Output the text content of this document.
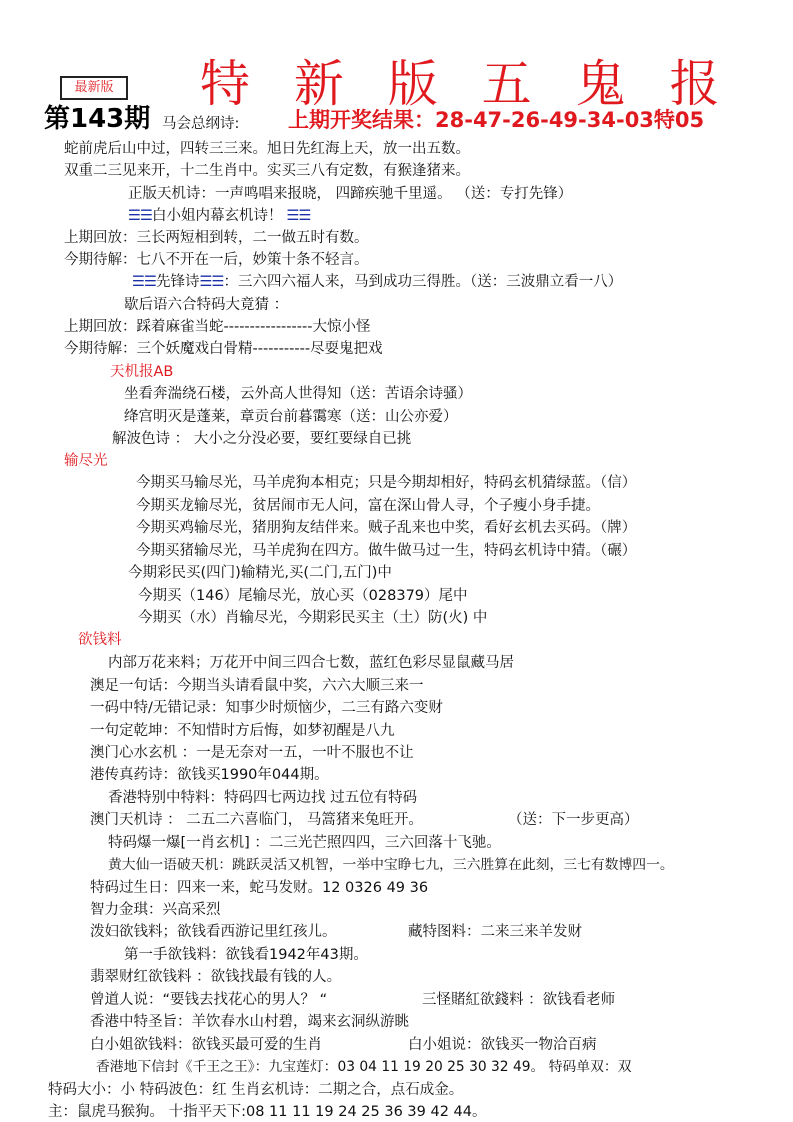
特 新 版 五 鬼 报
最新版
第143期	上期开奖结果：28-47-26-49-34-03特05
马会总纲诗:
蛇前虎后山中过，四转三三来。旭日先红海上天，放一出五数。
双重二三见来开，十二生肖中。实买三八有定数，有猴逢猪来。
正版天机诗：一声鸣唱来报晓， 四蹄疾驰千里遥。 （送：专打先锋）
☰☰白小姐内幕玄机诗！ ☰☰
上期回放：三长两短相到转，二一做五时有数。
今期待解：七八不开在一后，妙策十条不轻言。
☰☰先锋诗☰☰：三六四六福人来，马到成功三得胜。（送：三波鼎立看一八）
歇后语六合特码大竟猜 ：
上期回放：踩着麻雀当蛇-----------------大惊小怪
今期待解：三个妖魔戏白骨精-----------尽耍鬼把戏
天机报AB
坐看奔湍绕石楼，云外高人世得知（送：苦语余诗骚）
绛宫明灭是蓬莱，章贡台前暮霭寒（送：山公亦爱）
解波色诗 ： 大小之分没必要，要红要绿自已挑
输尽光
今期买马输尽光，马羊虎狗本相克；只是今期却相好，特码玄机猜绿蓝。（信）
今期买龙输尽光，贫居闹市无人问，富在深山骨人寻，个子瘦小身手捷。
今期买鸡输尽光，猪朋狗友结伴来。贼子乱来也中奖，看好玄机去买码。（牌）
今期买猪输尽光，马羊虎狗在四方。做牛做马过一生，特码玄机诗中猜。（碾）
今期彩民买(四门)输精光,买(二门,五门)中
今期买（146）尾输尽光，放心买（028379）尾中
今期买（水）肖输尽光，今期彩民买主（土）防(火) 中
欲钱料
内部万花来料；万花开中间三四合七数，蓝红色彩尽显鼠藏马居
澳足一句话：今期当头请看鼠中奖，六六大顺三来一
一码中特/无错记录：知事少时烦恼少，二三有路六变财
一句定乾坤：不知惜时方后悔，如梦初醒是八九
澳门心水玄机 ：一是无奈对一五，一叶不服也不让
港传真药诗：欲钱买1990年044期。
香港特别中特料：特码四七两边找 过五位有特码
澳门天机诗 ： 二五二六喜临门， 马篙猪来兔旺开。	（送：下一步更高）
特码爆一爆[一肖玄机] ：二三光芒照四四，三六回落十飞驰。
黄大仙一语破天机：跳跃灵活又机智，一举中宝睁七九，三六胜算在此刻，三七有数博四一。
特码过生日：四来一来，蛇马发财。12 0326 49 36
智力金琪：兴高采烈
泼妇欲钱料；欲钱看西游记里红孩儿。	藏特图料：二来三来羊发财
第一手欲钱料：欲钱看1942年43期。
翡翠财红欲钱料 ：欲钱找最有钱的人。
曾道人说：“要钱去找花心的男人？ “	三怪賭紅欲錢料 ：欲钱看老师
香港中特圣旨：羊饮春水山村碧，竭来玄洞纵游眺
白小姐欲钱料：欲钱买最可爱的生肖	白小姐说：欲钱买一物洽百病
香港地下信封《千王之王》：九宝莲灯：03 04 11 19 20 25 30 32 49。 特码单双：双
特码大小：小 特码波色：红 生肖玄机诗：二期之合，点石成金。
主：鼠虎马猴狗。 十指平天下:08 11 11 19 24 25 36 39 42 44。
